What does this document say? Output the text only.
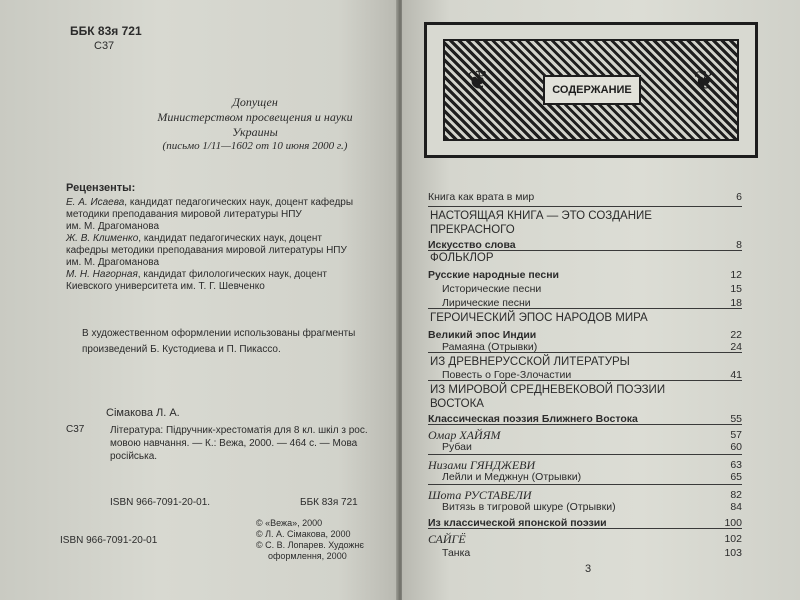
ББК 83я 721
С37
Допущен
Министерством просвещения и науки
Украины
(письмо 1/11—1602 от 10 июня 2000 г.)
Рецензенты:
Е. А. Исаева, кандидат педагогических наук, доцент кафедры
методики преподавания мировой литературы НПУ
им. М. Драгоманова
Ж. В. Клименко, кандидат педагогических наук, доцент
кафедры методики преподавания мировой литературы НПУ
им. М. Драгоманова
М. Н. Нагорная, кандидат филологических наук, доцент
Киевского университета им. Т. Г. Шевченко
В художественном оформлении использованы фрагменты
произведений Б. Кустодиева и П. Пикассо.
Сімакова Л. А.
С37	Література: Підручник-хрестоматія для 8 кл. шкіл з рос. мовою навчання. — К.: Вежа, 2000. — 464 с. — Мова російська.
ISBN 966-7091-20-01.	ББК 83я 721
ISBN 966-7091-20-01
© «Вежа», 2000
© Л. А. Сімакова, 2000
© С. В. Лопарев. Художнє
оформлення, 2000
❦	❦
СОДЕРЖАНИЕ
Книга как врата в мир	6
НАСТОЯЩАЯ КНИГА — ЭТО СОЗДАНИЕ
ПРЕКРАСНОГО
Искусство слова	8
ФОЛЬКЛОР
Русские народные песни	12
Исторические песни	15
Лирические песни	18
ГЕРОИЧЕСКИЙ ЭПОС НАРОДОВ МИРА
Великий эпос Индии	22
Рамаяна (Отрывки)	24
ИЗ ДРЕВНЕРУССКОЙ ЛИТЕРАТУРЫ
Повесть о Горе-Злочастии	41
ИЗ МИРОВОЙ СРЕДНЕВЕКОВОЙ ПОЭЗИИ
ВОСТОКА
Классическая поэзия Ближнего Востока	55
Омар ХАЙЯМ	57
Рубаи	60
Низами ГЯНДЖЕВИ	63
Лейли и Меджнун (Отрывки)	65
Шота РУСТАВЕЛИ	82
Витязь в тигровой шкуре (Отрывки)	84
Из классической японской поэзии	100
САЙГЁ	102
Танка	103
3
